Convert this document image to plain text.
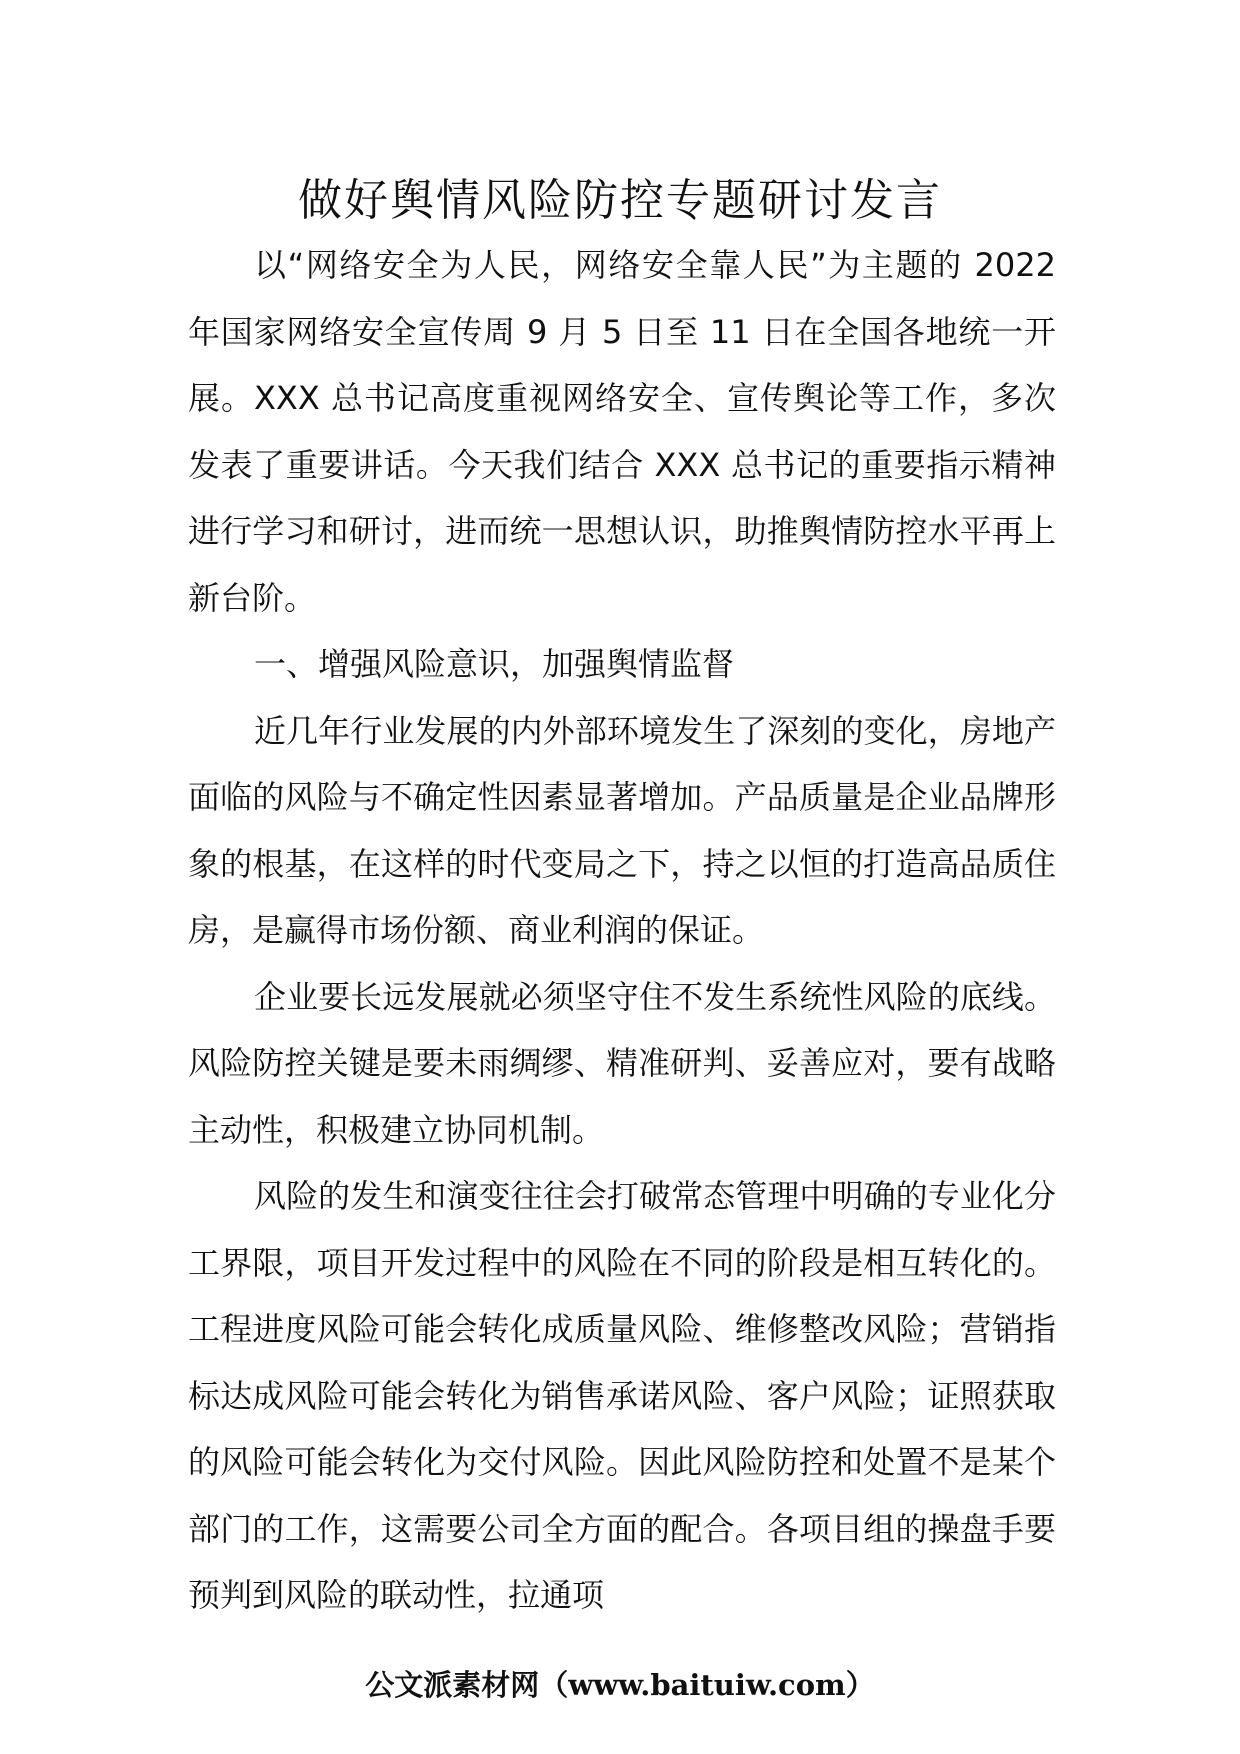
做好舆情风险防控专题研讨发言

以“网络安全为人民，网络安全靠人民”为主题的 2022 年国家网络安全宣传周 9 月 5 日至 11 日在全国各地统一开展。XXX 总书记高度重视网络安全、宣传舆论等工作，多次发表了重要讲话。今天我们结合 XXX 总书记的重要指示精神进行学习和研讨，进而统一思想认识，助推舆情防控水平再上新台阶。

一、增强风险意识，加强舆情监督

近几年行业发展的内外部环境发生了深刻的变化，房地产面临的风险与不确定性因素显著增加。产品质量是企业品牌形象的根基，在这样的时代变局之下，持之以恒的打造高品质住房，是赢得市场份额、商业利润的保证。

企业要长远发展就必须坚守住不发生系统性风险的底线。风险防控关键是要未雨绸缪、精准研判、妥善应对，要有战略主动性，积极建立协同机制。

风险的发生和演变往往会打破常态管理中明确的专业化分工界限，项目开发过程中的风险在不同的阶段是相互转化的。工程进度风险可能会转化成质量风险、维修整改风险；营销指标达成风险可能会转化为销售承诺风险、客户风险；证照获取的风险可能会转化为交付风险。因此风险防控和处置不是某个部门的工作，这需要公司全方面的配合。各项目组的操盘手要预判到风险的联动性，拉通项

公文派素材网（www.baituiw.com）
